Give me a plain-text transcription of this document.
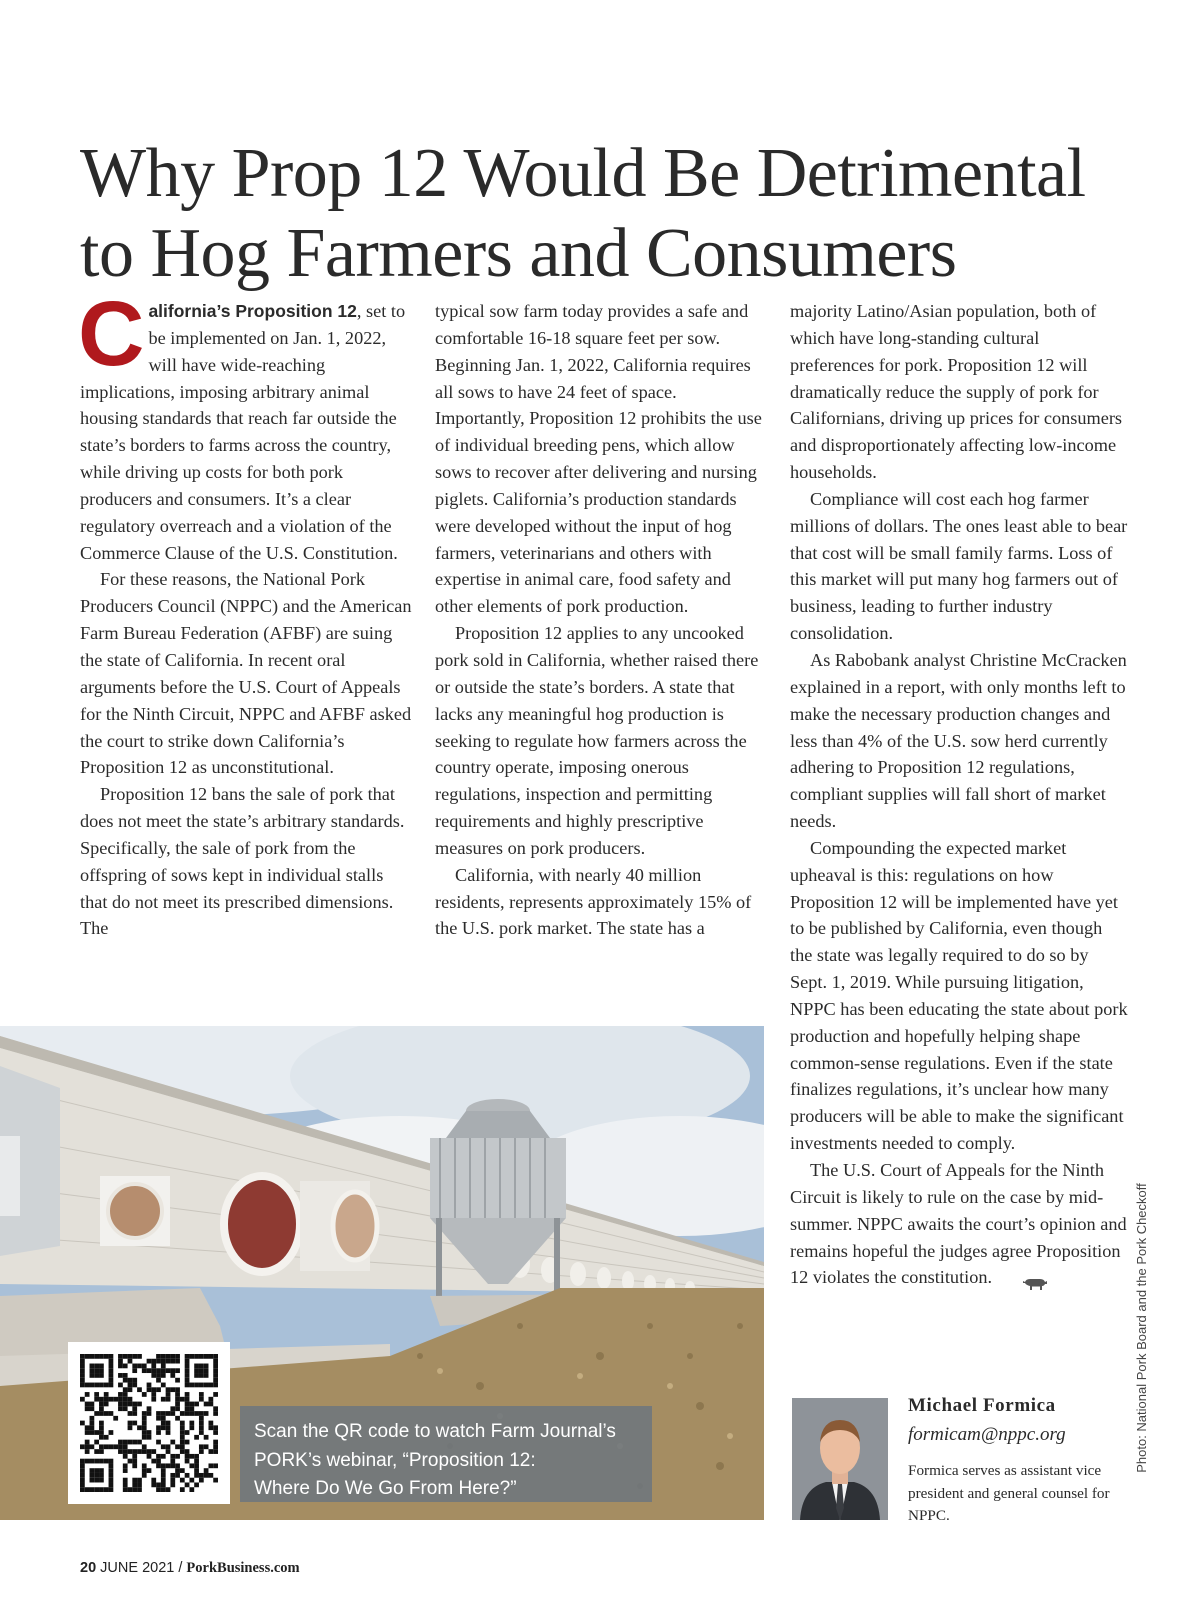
Why Prop 12 Would Be Detrimental to Hog Farmers and Consumers

California’s Proposition 12, set to be implemented on Jan. 1, 2022, will have wide-reaching implications, imposing arbitrary animal housing standards that reach far outside the state’s borders to farms across the country, while driving up costs for both pork producers and consumers. It’s a clear regulatory overreach and a violation of the Commerce Clause of the U.S. Constitution.

For these reasons, the National Pork Producers Council (NPPC) and the American Farm Bureau Federation (AFBF) are suing the state of California. In recent oral arguments before the U.S. Court of Appeals for the Ninth Circuit, NPPC and AFBF asked the court to strike down California’s Proposition 12 as unconstitutional.

Proposition 12 bans the sale of pork that does not meet the state’s arbitrary standards. Specifically, the sale of pork from the offspring of sows kept in individual stalls that do not meet its prescribed dimensions. The

typical sow farm today provides a safe and comfortable 16-18 square feet per sow. Beginning Jan. 1, 2022, California requires all sows to have 24 feet of space. Importantly, Proposition 12 prohibits the use of individual breeding pens, which allow sows to recover after delivering and nursing piglets. California’s production standards were developed without the input of hog farmers, veterinarians and others with expertise in animal care, food safety and other elements of pork production.

Proposition 12 applies to any uncooked pork sold in California, whether raised there or outside the state’s borders. A state that lacks any meaningful hog production is seeking to regulate how farmers across the country operate, imposing onerous regulations, inspection and permitting requirements and highly prescriptive measures on pork producers.

California, with nearly 40 million residents, represents approximately 15% of the U.S. pork market. The state has a

majority Latino/Asian population, both of which have long-standing cultural preferences for pork. Proposition 12 will dramatically reduce the supply of pork for Californians, driving up prices for consumers and disproportionately affecting low-income households.

Compliance will cost each hog farmer millions of dollars. The ones least able to bear that cost will be small family farms. Loss of this market will put many hog farmers out of business, leading to further industry consolidation.

As Rabobank analyst Christine McCracken explained in a report, with only months left to make the necessary production changes and less than 4% of the U.S. sow herd currently adhering to Proposition 12 regulations, compliant supplies will fall short of market needs.

Compounding the expected market upheaval is this: regulations on how Proposition 12 will be implemented have yet to be published by California, even though the state was legally required to do so by Sept. 1, 2019. While pursuing litigation, NPPC has been educating the state about pork production and hopefully helping shape common-sense regulations. Even if the state finalizes regulations, it’s unclear how many producers will be able to make the significant investments needed to comply.

The U.S. Court of Appeals for the Ninth Circuit is likely to rule on the case by mid-summer. NPPC awaits the court’s opinion and remains hopeful the judges agree Proposition 12 violates the constitution.

Scan the QR code to watch Farm Journal’s
PORK’s webinar, “Proposition 12:
Where Do We Go From Here?”
Photo: National Pork Board and the Pork Checkoff
Michael Formica
formicam@nppc.org
Formica serves as assistant vice president and general counsel for NPPC.
20 JUNE 2021 / PorkBusiness.com
